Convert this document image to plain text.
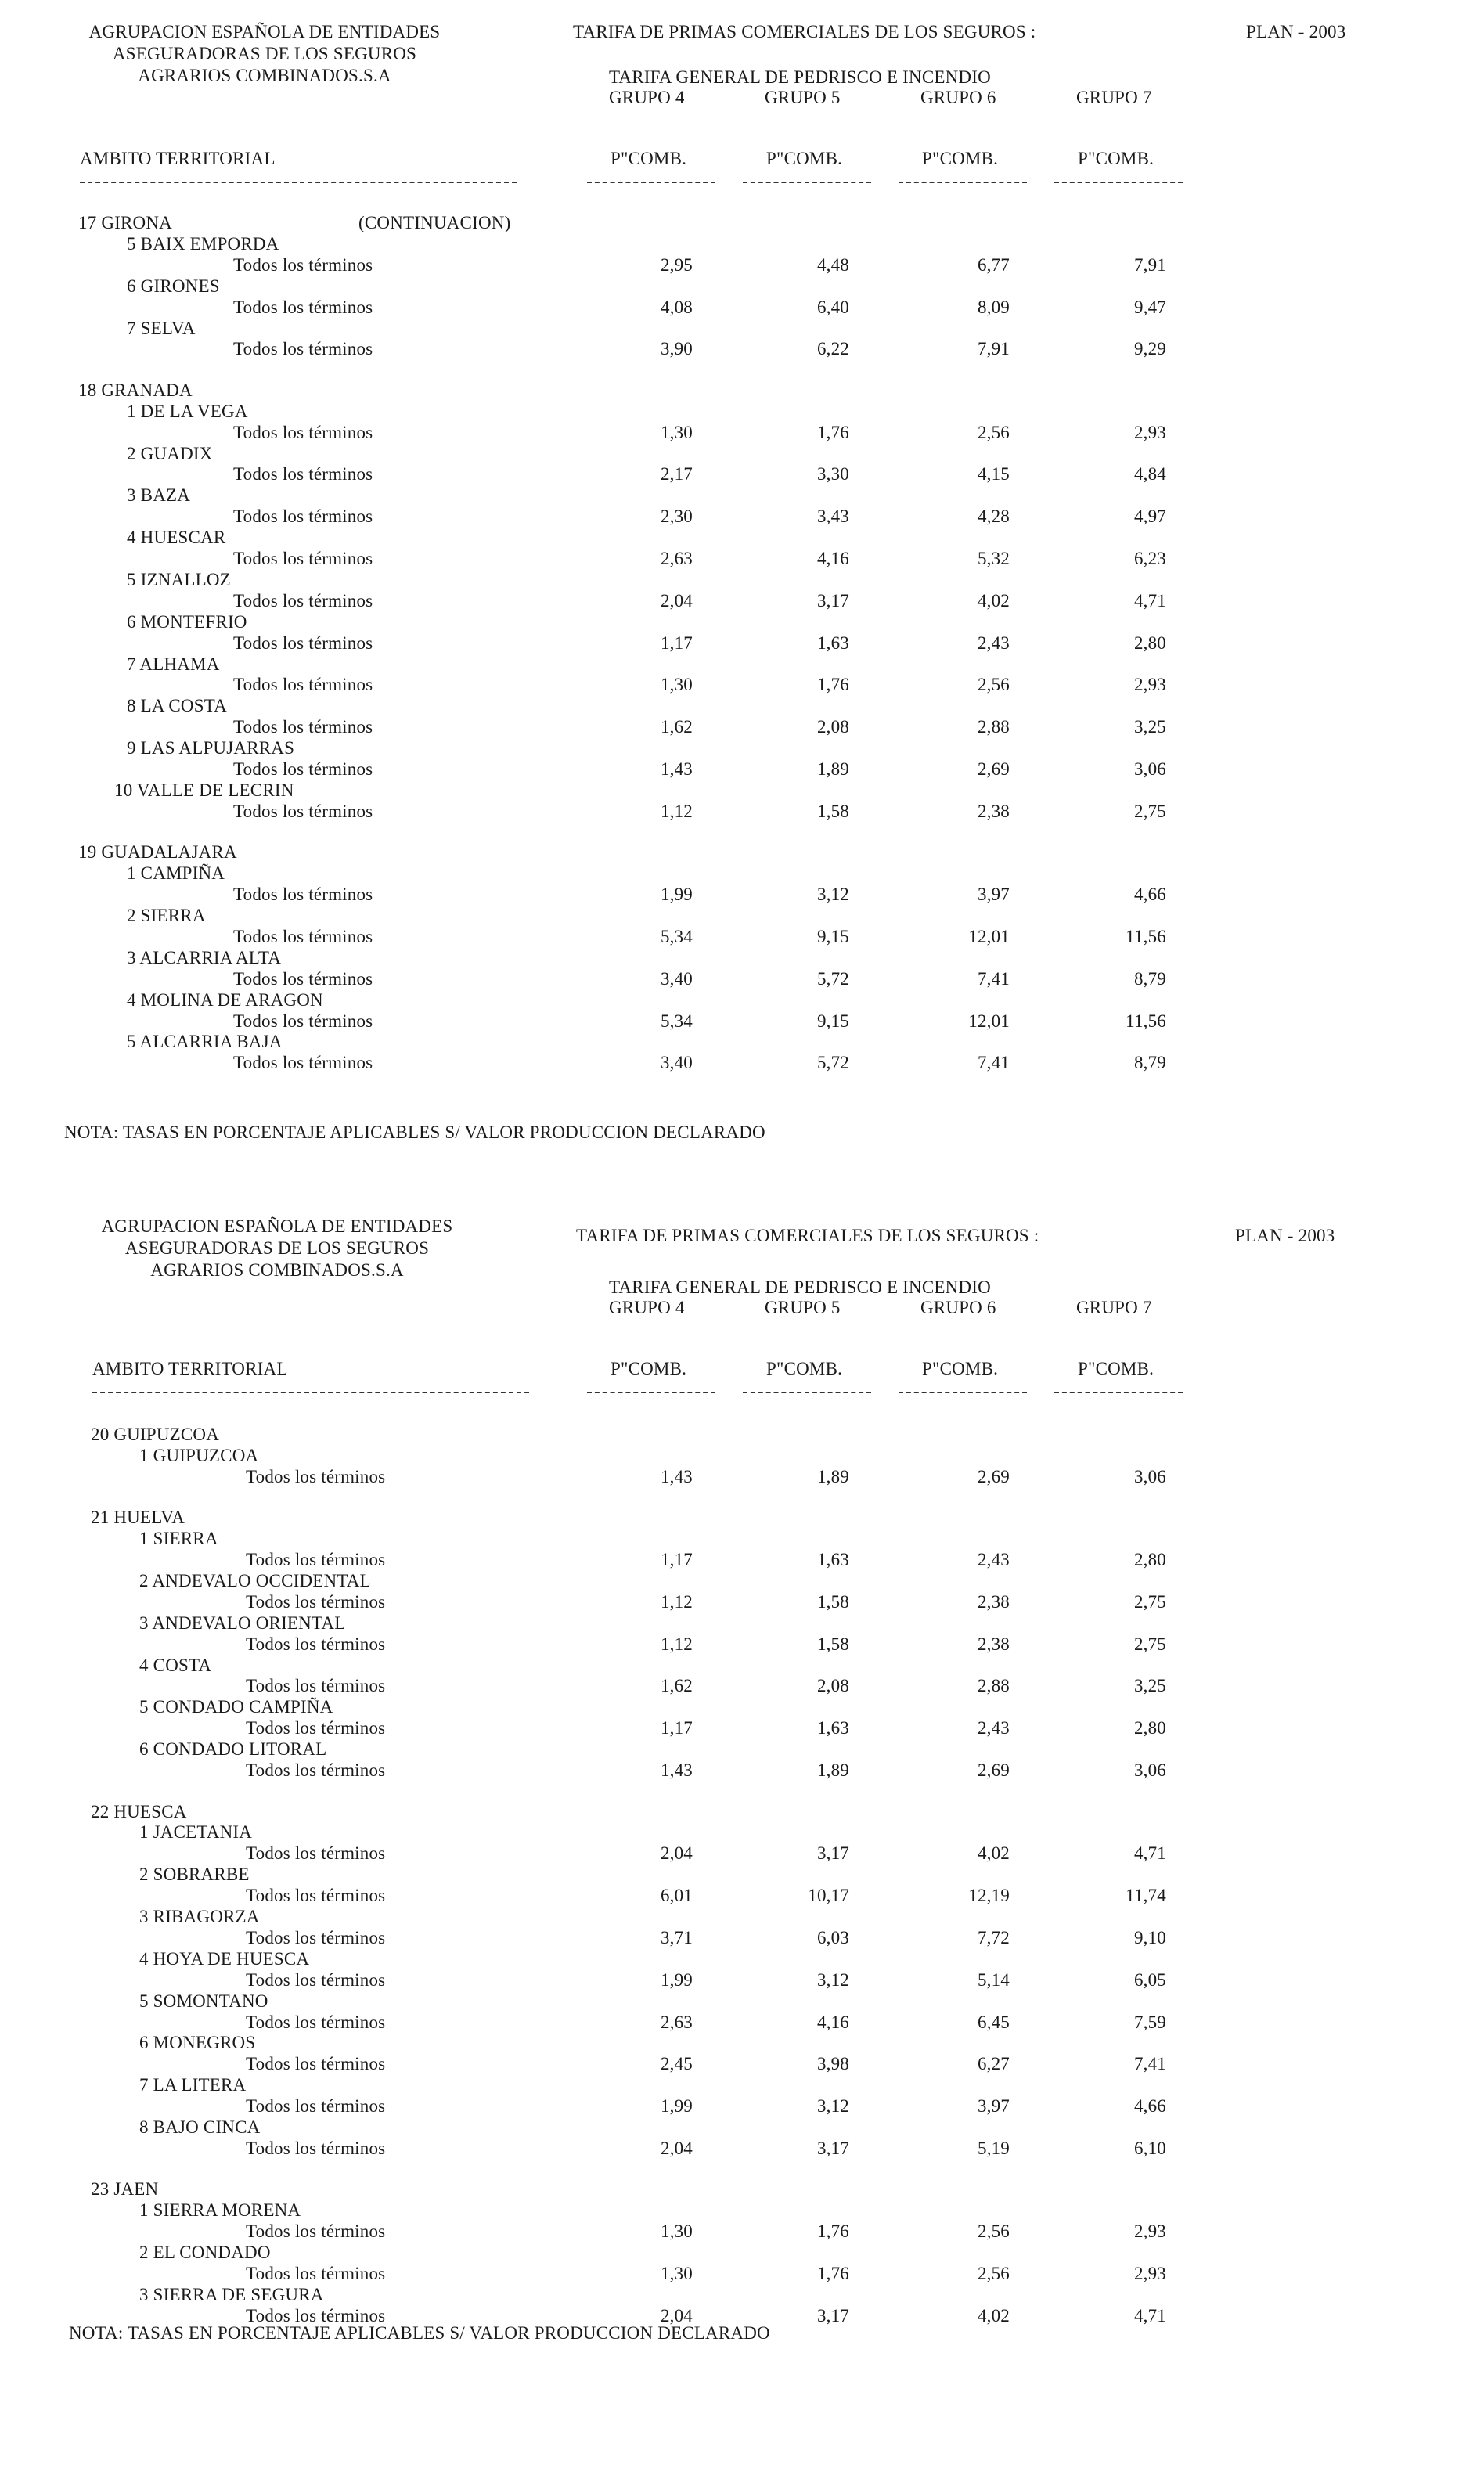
AGRUPACION ESPAÑOLA DE ENTIDADES
ASEGURADORAS DE LOS SEGUROS
AGRARIOS COMBINADOS.S.A
TARIFA DE PRIMAS COMERCIALES DE LOS SEGUROS :	PLAN - 2003
TARIFA GENERAL DE PEDRISCO E INCENDIO
GRUPO 4	GRUPO 5	GRUPO 6	GRUPO 7
AMBITO TERRITORIAL	P"COMB.	P"COMB.	P"COMB.	P"COMB.
17 GIRONA	(CONTINUACION)
5 BAIX EMPORDA
Todos los términos	2,95	4,48	6,77	7,91
6 GIRONES
Todos los términos	4,08	6,40	8,09	9,47
7 SELVA
Todos los términos	3,90	6,22	7,91	9,29
18 GRANADA
1 DE LA VEGA
Todos los términos	1,30	1,76	2,56	2,93
2 GUADIX
Todos los términos	2,17	3,30	4,15	4,84
3 BAZA
Todos los términos	2,30	3,43	4,28	4,97
4 HUESCAR
Todos los términos	2,63	4,16	5,32	6,23
5 IZNALLOZ
Todos los términos	2,04	3,17	4,02	4,71
6 MONTEFRIO
Todos los términos	1,17	1,63	2,43	2,80
7 ALHAMA
Todos los términos	1,30	1,76	2,56	2,93
8 LA COSTA
Todos los términos	1,62	2,08	2,88	3,25
9 LAS ALPUJARRAS
Todos los términos	1,43	1,89	2,69	3,06
10 VALLE DE LECRIN
Todos los términos	1,12	1,58	2,38	2,75
19 GUADALAJARA
1 CAMPIÑA
Todos los términos	1,99	3,12	3,97	4,66
2 SIERRA
Todos los términos	5,34	9,15	12,01	11,56
3 ALCARRIA ALTA
Todos los términos	3,40	5,72	7,41	8,79
4 MOLINA DE ARAGON
Todos los términos	5,34	9,15	12,01	11,56
5 ALCARRIA BAJA
Todos los términos	3,40	5,72	7,41	8,79
NOTA: TASAS EN PORCENTAJE APLICABLES S/ VALOR PRODUCCION DECLARADO
AGRUPACION ESPAÑOLA DE ENTIDADES
ASEGURADORAS DE LOS SEGUROS
AGRARIOS COMBINADOS.S.A
TARIFA DE PRIMAS COMERCIALES DE LOS SEGUROS :	PLAN - 2003
TARIFA GENERAL DE PEDRISCO E INCENDIO
GRUPO 4	GRUPO 5	GRUPO 6	GRUPO 7
AMBITO TERRITORIAL	P"COMB.	P"COMB.	P"COMB.	P"COMB.
20 GUIPUZCOA
1 GUIPUZCOA
Todos los términos	1,43	1,89	2,69	3,06
21 HUELVA
1 SIERRA
Todos los términos	1,17	1,63	2,43	2,80
2 ANDEVALO OCCIDENTAL
Todos los términos	1,12	1,58	2,38	2,75
3 ANDEVALO ORIENTAL
Todos los términos	1,12	1,58	2,38	2,75
4 COSTA
Todos los términos	1,62	2,08	2,88	3,25
5 CONDADO CAMPIÑA
Todos los términos	1,17	1,63	2,43	2,80
6 CONDADO LITORAL
Todos los términos	1,43	1,89	2,69	3,06
22 HUESCA
1 JACETANIA
Todos los términos	2,04	3,17	4,02	4,71
2 SOBRARBE
Todos los términos	6,01	10,17	12,19	11,74
3 RIBAGORZA
Todos los términos	3,71	6,03	7,72	9,10
4 HOYA DE HUESCA
Todos los términos	1,99	3,12	5,14	6,05
5 SOMONTANO
Todos los términos	2,63	4,16	6,45	7,59
6 MONEGROS
Todos los términos	2,45	3,98	6,27	7,41
7 LA LITERA
Todos los términos	1,99	3,12	3,97	4,66
8 BAJO CINCA
Todos los términos	2,04	3,17	5,19	6,10
23 JAEN
1 SIERRA MORENA
Todos los términos	1,30	1,76	2,56	2,93
2 EL CONDADO
Todos los términos	1,30	1,76	2,56	2,93
3 SIERRA DE SEGURA
Todos los términos	2,04	3,17	4,02	4,71
NOTA: TASAS EN PORCENTAJE APLICABLES S/ VALOR PRODUCCION DECLARADO
